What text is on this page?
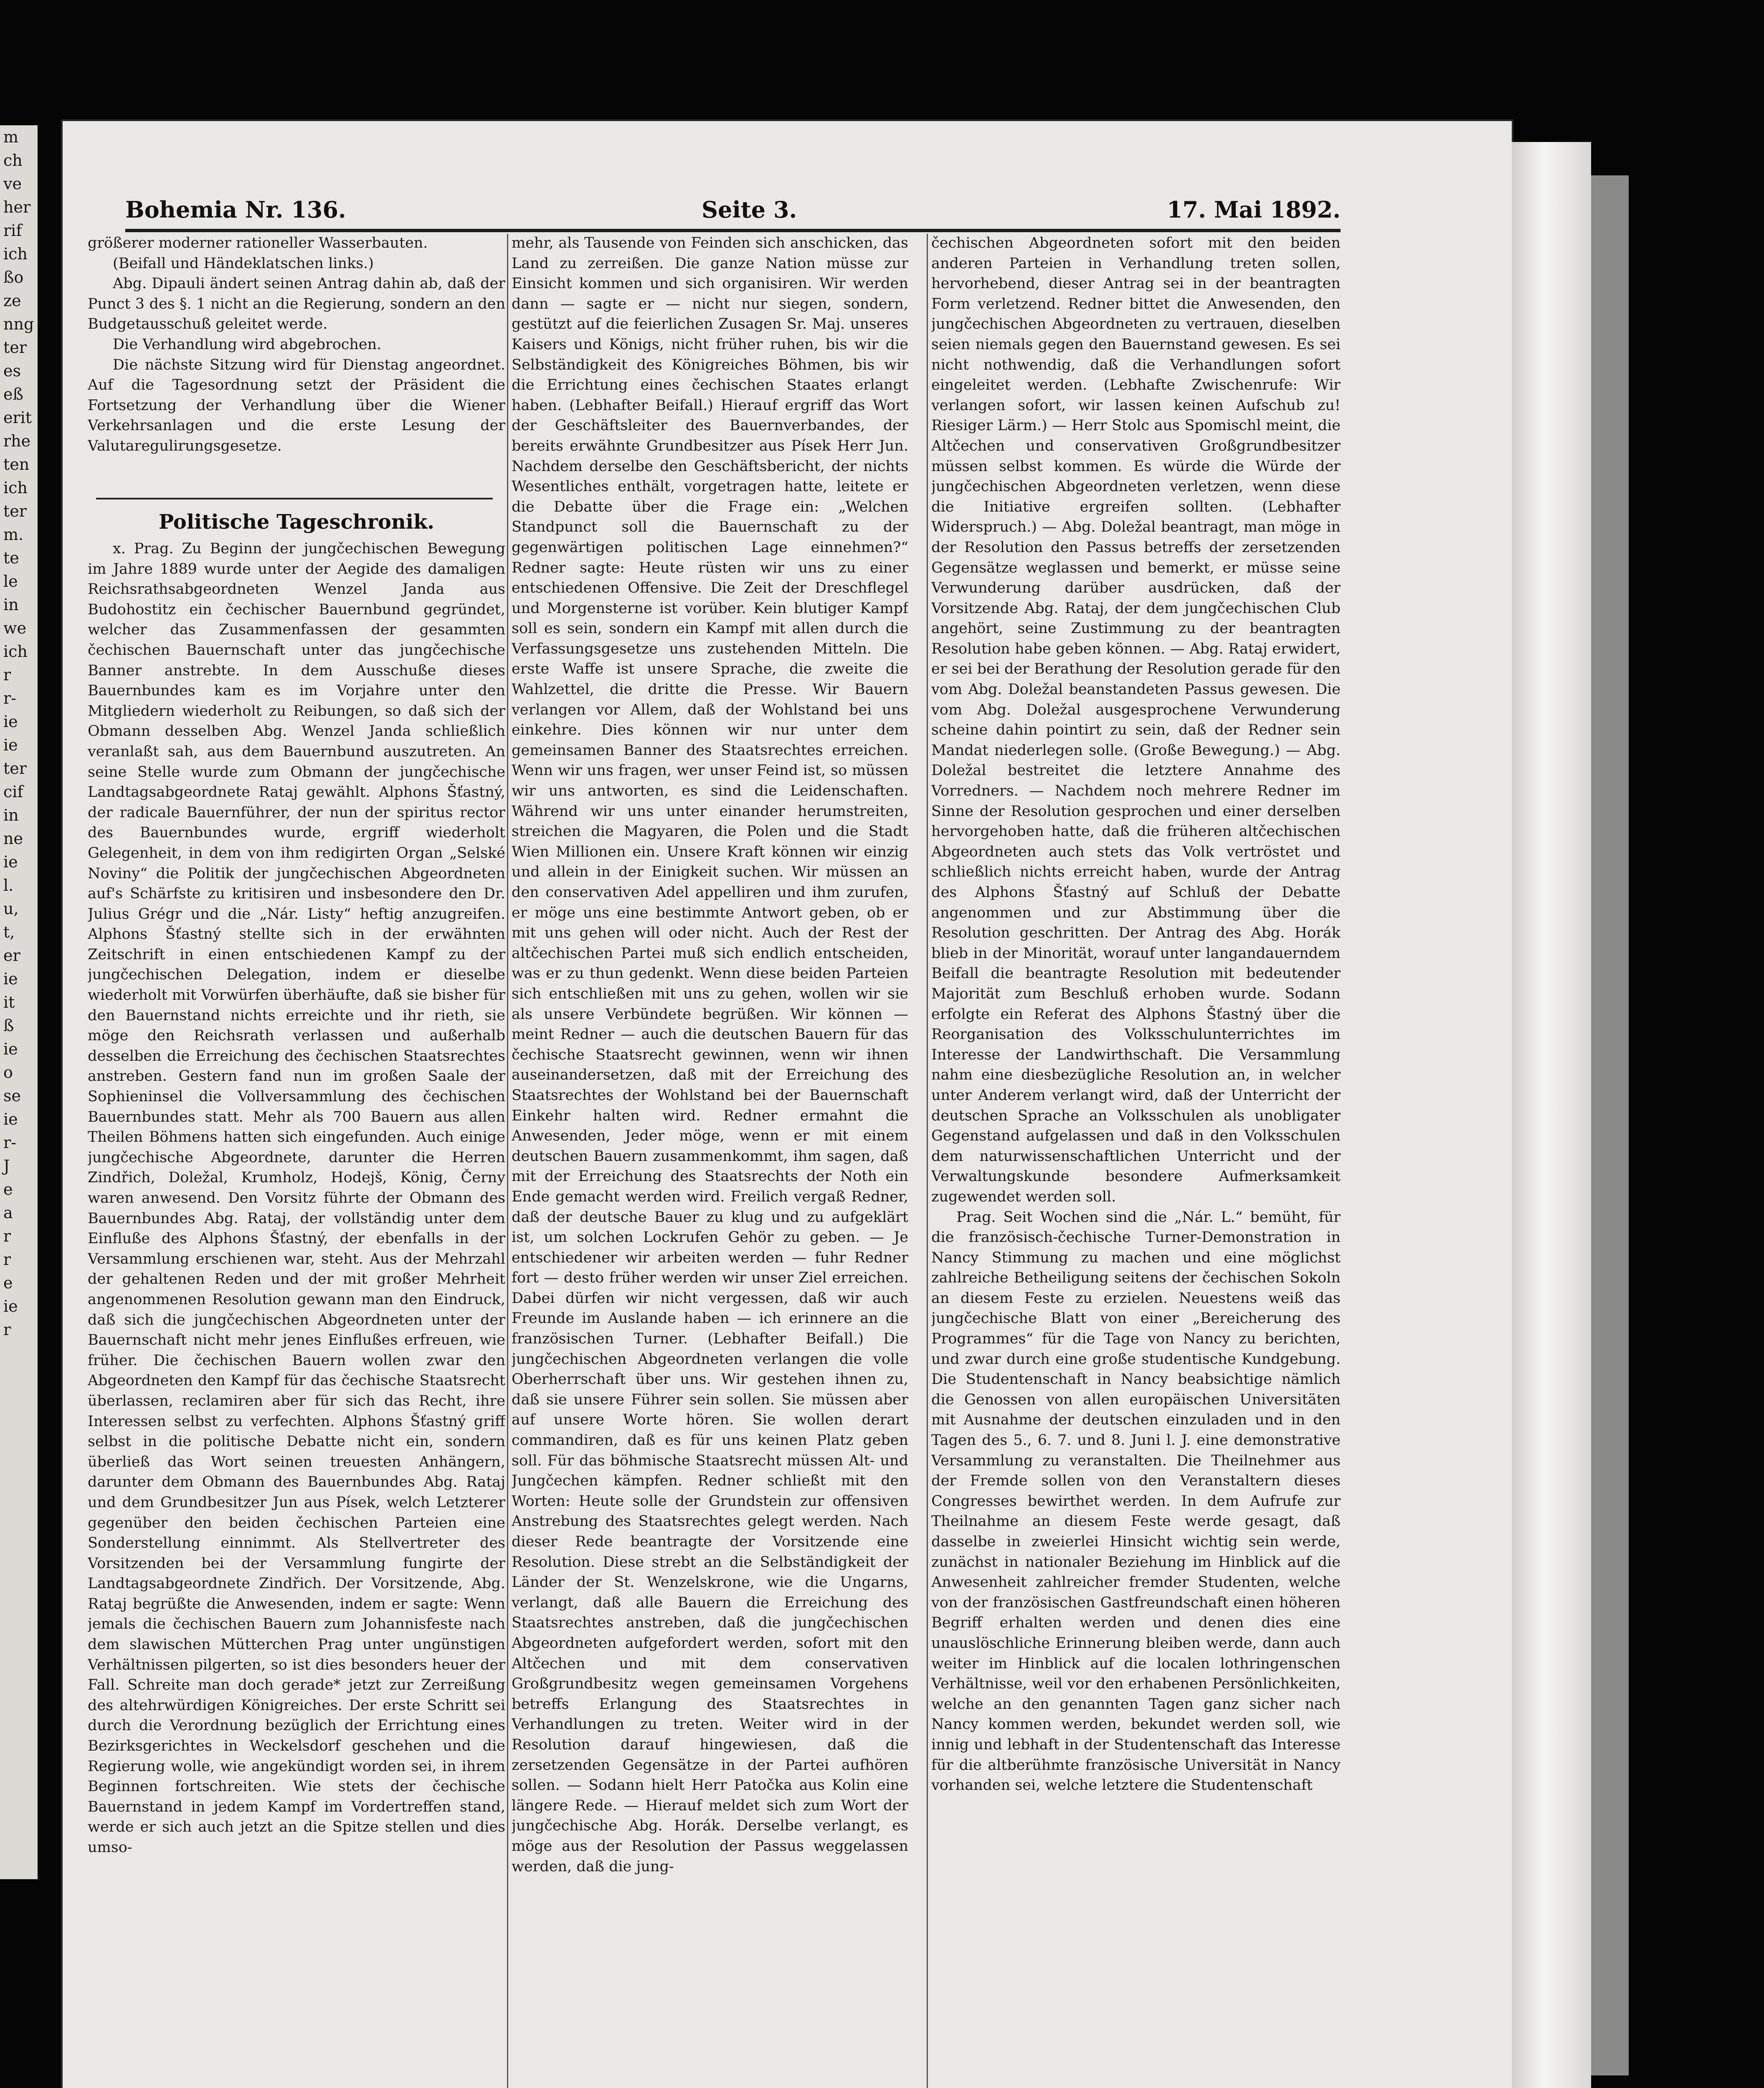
m
ch
ve
her
rif
ich
ßo
ze
nng
ter
es
eß
erit
rhe
ten
ich
ter
m.
te
le
in
we
ich
r
r-
ie
ie
ter
cif
in
ne
ie
l.
u,
t,
er
ie
it
ß
ie
o
se
ie
r-
J
e
a
r
r
e
ie
r
Bohemia Nr. 136.	Seite 3.	17. Mai 1892.

größerer moderner rationeller Wasserbauten.

(Beifall und Händeklatschen links.)

Abg. Dipauli ändert seinen Antrag dahin ab, daß der Punct 3 des §. 1 nicht an die Regierung, sondern an den Budgetausschuß geleitet werde.

Die Verhandlung wird abgebrochen.

Die nächste Sitzung wird für Dienstag angeordnet. Auf die Tagesordnung setzt der Präsident die Fortsetzung der Verhandlung über die Wiener Verkehrsanlagen und die erste Lesung der Valutaregulirungsgesetze.

Politische Tageschronik.

x. Prag. Zu Beginn der jungčechischen Bewegung im Jahre 1889 wurde unter der Aegide des damaligen Reichsrathsabgeordneten Wenzel Janda aus Budohostitz ein čechischer Bauernbund gegründet, welcher das Zusammenfassen der gesammten čechischen Bauernschaft unter das jungčechische Banner anstrebte. In dem Ausschuße dieses Bauernbundes kam es im Vorjahre unter den Mitgliedern wiederholt zu Reibungen, so daß sich der Obmann desselben Abg. Wenzel Janda schließlich veranlaßt sah, aus dem Bauernbund auszutreten. An seine Stelle wurde zum Obmann der jungčechische Landtagsabgeordnete Rataj gewählt. Alphons Šťastný, der radicale Bauernführer, der nun der spiritus rector des Bauernbundes wurde, ergriff wiederholt Gelegenheit, in dem von ihm redigirten Organ „Selské Noviny“ die Politik der jungčechischen Abgeordneten auf's Schärfste zu kritisiren und insbesondere den Dr. Julius Grégr und die „Nár. Listy“ heftig anzugreifen. Alphons Šťastný stellte sich in der erwähnten Zeitschrift in einen entschiedenen Kampf zu der jungčechischen Delegation, indem er dieselbe wiederholt mit Vorwürfen überhäufte, daß sie bisher für den Bauernstand nichts erreichte und ihr rieth, sie möge den Reichsrath verlassen und außerhalb desselben die Erreichung des čechischen Staatsrechtes anstreben. Gestern fand nun im großen Saale der Sophieninsel die Vollversammlung des čechischen Bauernbundes statt. Mehr als 700 Bauern aus allen Theilen Böhmens hatten sich eingefunden. Auch einige jungčechische Abgeordnete, darunter die Herren Zindřich, Doležal, Krumholz, Hodejš, König, Černy waren anwesend. Den Vorsitz führte der Obmann des Bauernbundes Abg. Rataj, der vollständig unter dem Einfluße des Alphons Šťastný, der ebenfalls in der Versammlung erschienen war, steht. Aus der Mehrzahl der gehaltenen Reden und der mit großer Mehrheit angenommenen Resolution gewann man den Eindruck, daß sich die jungčechischen Abgeordneten unter der Bauernschaft nicht mehr jenes Einflußes erfreuen, wie früher. Die čechischen Bauern wollen zwar den Abgeordneten den Kampf für das čechische Staatsrecht überlassen, reclamiren aber für sich das Recht, ihre Interessen selbst zu verfechten. Alphons Šťastný griff selbst in die politische Debatte nicht ein, sondern überließ das Wort seinen treuesten Anhängern, darunter dem Obmann des Bauernbundes Abg. Rataj und dem Grundbesitzer Jun aus Písek, welch Letzterer gegenüber den beiden čechischen Parteien eine Sonderstellung einnimmt. Als Stellvertreter des Vorsitzenden bei der Versammlung fungirte der Landtagsabgeordnete Zindřich. Der Vorsitzende, Abg. Rataj begrüßte die Anwesenden, indem er sagte: Wenn jemals die čechischen Bauern zum Johannisfeste nach dem slawischen Mütterchen Prag unter ungünstigen Verhältnissen pilgerten, so ist dies besonders heuer der Fall. Schreite man doch gerade* jetzt zur Zerreißung des altehrwürdigen Königreiches. Der erste Schritt sei durch die Verordnung bezüglich der Errichtung eines Bezirksgerichtes in Weckelsdorf geschehen und die Regierung wolle, wie angekündigt worden sei, in ihrem Beginnen fortschreiten. Wie stets der čechische Bauernstand in jedem Kampf im Vordertreffen stand, werde er sich auch jetzt an die Spitze stellen und dies umso-

mehr, als Tausende von Feinden sich anschicken, das Land zu zerreißen. Die ganze Nation müsse zur Einsicht kommen und sich organisiren. Wir werden dann — sagte er — nicht nur siegen, sondern, gestützt auf die feierlichen Zusagen Sr. Maj. unseres Kaisers und Königs, nicht früher ruhen, bis wir die Selbständigkeit des Königreiches Böhmen, bis wir die Errichtung eines čechischen Staates erlangt haben. (Lebhafter Beifall.) Hierauf ergriff das Wort der Geschäftsleiter des Bauernverbandes, der bereits erwähnte Grundbesitzer aus Písek Herr Jun. Nachdem derselbe den Geschäftsbericht, der nichts Wesentliches enthält, vorgetragen hatte, leitete er die Debatte über die Frage ein: „Welchen Standpunct soll die Bauernschaft zu der gegenwärtigen politischen Lage einnehmen?“ Redner sagte: Heute rüsten wir uns zu einer entschiedenen Offensive. Die Zeit der Dreschflegel und Morgensterne ist vorüber. Kein blutiger Kampf soll es sein, sondern ein Kampf mit allen durch die Verfassungsgesetze uns zustehenden Mitteln. Die erste Waffe ist unsere Sprache, die zweite die Wahlzettel, die dritte die Presse. Wir Bauern verlangen vor Allem, daß der Wohlstand bei uns einkehre. Dies können wir nur unter dem gemeinsamen Banner des Staatsrechtes erreichen. Wenn wir uns fragen, wer unser Feind ist, so müssen wir uns antworten, es sind die Leidenschaften. Während wir uns unter einander herumstreiten, streichen die Magyaren, die Polen und die Stadt Wien Millionen ein. Unsere Kraft können wir einzig und allein in der Einigkeit suchen. Wir müssen an den conservativen Adel appelliren und ihm zurufen, er möge uns eine bestimmte Antwort geben, ob er mit uns gehen will oder nicht. Auch der Rest der altčechischen Partei muß sich endlich entscheiden, was er zu thun gedenkt. Wenn diese beiden Parteien sich entschließen mit uns zu gehen, wollen wir sie als unsere Verbündete begrüßen. Wir können — meint Redner — auch die deutschen Bauern für das čechische Staatsrecht gewinnen, wenn wir ihnen auseinandersetzen, daß mit der Erreichung des Staatsrechtes der Wohlstand bei der Bauernschaft Einkehr halten wird. Redner ermahnt die Anwesenden, Jeder möge, wenn er mit einem deutschen Bauern zusammenkommt, ihm sagen, daß mit der Erreichung des Staatsrechts der Noth ein Ende gemacht werden wird. Freilich vergaß Redner, daß der deutsche Bauer zu klug und zu aufgeklärt ist, um solchen Lockrufen Gehör zu geben. — Je entschiedener wir arbeiten werden — fuhr Redner fort — desto früher werden wir unser Ziel erreichen. Dabei dürfen wir nicht vergessen, daß wir auch Freunde im Auslande haben — ich erinnere an die französischen Turner. (Lebhafter Beifall.) Die jungčechischen Abgeordneten verlangen die volle Oberherrschaft über uns. Wir gestehen ihnen zu, daß sie unsere Führer sein sollen. Sie müssen aber auf unsere Worte hören. Sie wollen derart commandiren, daß es für uns keinen Platz geben soll. Für das böhmische Staatsrecht müssen Alt- und Jungčechen kämpfen. Redner schließt mit den Worten: Heute solle der Grundstein zur offensiven Anstrebung des Staatsrechtes gelegt werden. Nach dieser Rede beantragte der Vorsitzende eine Resolution. Diese strebt an die Selbständigkeit der Länder der St. Wenzelskrone, wie die Ungarns, verlangt, daß alle Bauern die Erreichung des Staatsrechtes anstreben, daß die jungčechischen Abgeordneten aufgefordert werden, sofort mit den Altčechen und mit dem conservativen Großgrundbesitz wegen gemeinsamen Vorgehens betreffs Erlangung des Staatsrechtes in Verhandlungen zu treten. Weiter wird in der Resolution darauf hingewiesen, daß die zersetzenden Gegensätze in der Partei aufhören sollen. — Sodann hielt Herr Patočka aus Kolin eine längere Rede. — Hierauf meldet sich zum Wort der jungčechische Abg. Horák. Derselbe verlangt, es möge aus der Resolution der Passus weggelassen werden, daß die jung-

čechischen Abgeordneten sofort mit den beiden anderen Parteien in Verhandlung treten sollen, hervorhebend, dieser Antrag sei in der beantragten Form verletzend. Redner bittet die Anwesenden, den jungčechischen Abgeordneten zu vertrauen, dieselben seien niemals gegen den Bauernstand gewesen. Es sei nicht nothwendig, daß die Verhandlungen sofort eingeleitet werden. (Lebhafte Zwischenrufe: Wir verlangen sofort, wir lassen keinen Aufschub zu! Riesiger Lärm.) — Herr Stolc aus Spomischl meint, die Altčechen und conservativen Großgrundbesitzer müssen selbst kommen. Es würde die Würde der jungčechischen Abgeordneten verletzen, wenn diese die Initiative ergreifen sollten. (Lebhafter Widerspruch.) — Abg. Doležal beantragt, man möge in der Resolution den Passus betreffs der zersetzenden Gegensätze weglassen und bemerkt, er müsse seine Verwunderung darüber ausdrücken, daß der Vorsitzende Abg. Rataj, der dem jungčechischen Club angehört, seine Zustimmung zu der beantragten Resolution habe geben können. — Abg. Rataj erwidert, er sei bei der Berathung der Resolution gerade für den vom Abg. Doležal beanstandeten Passus gewesen. Die vom Abg. Doležal ausgesprochene Verwunderung scheine dahin pointirt zu sein, daß der Redner sein Mandat niederlegen solle. (Große Bewegung.) — Abg. Doležal bestreitet die letztere Annahme des Vorredners. — Nachdem noch mehrere Redner im Sinne der Resolution gesprochen und einer derselben hervorgehoben hatte, daß die früheren altčechischen Abgeordneten auch stets das Volk vertröstet und schließlich nichts erreicht haben, wurde der Antrag des Alphons Šťastný auf Schluß der Debatte angenommen und zur Abstimmung über die Resolution geschritten. Der Antrag des Abg. Horák blieb in der Minorität, worauf unter langandauerndem Beifall die beantragte Resolution mit bedeutender Majorität zum Beschluß erhoben wurde. Sodann erfolgte ein Referat des Alphons Šťastný über die Reorganisation des Volksschulunterrichtes im Interesse der Landwirthschaft. Die Versammlung nahm eine diesbezügliche Resolution an, in welcher unter Anderem verlangt wird, daß der Unterricht der deutschen Sprache an Volksschulen als unobligater Gegenstand aufgelassen und daß in den Volksschulen dem naturwissenschaftlichen Unterricht und der Verwaltungskunde besondere Aufmerksamkeit zugewendet werden soll.

Prag. Seit Wochen sind die „Nár. L.“ bemüht, für die französisch-čechische Turner-Demonstration in Nancy Stimmung zu machen und eine möglichst zahlreiche Betheiligung seitens der čechischen Sokoln an diesem Feste zu erzielen. Neuestens weiß das jungčechische Blatt von einer „Bereicherung des Programmes“ für die Tage von Nancy zu berichten, und zwar durch eine große studentische Kundgebung. Die Studentenschaft in Nancy beabsichtige nämlich die Genossen von allen europäischen Universitäten mit Ausnahme der deutschen einzuladen und in den Tagen des 5., 6. 7. und 8. Juni l. J. eine demonstrative Versammlung zu veranstalten. Die Theilnehmer aus der Fremde sollen von den Veranstaltern dieses Congresses bewirthet werden. In dem Aufrufe zur Theilnahme an diesem Feste werde gesagt, daß dasselbe in zweierlei Hinsicht wichtig sein werde, zunächst in nationaler Beziehung im Hinblick auf die Anwesenheit zahlreicher fremder Studenten, welche von der französischen Gastfreundschaft einen höheren Begriff erhalten werden und denen dies eine unauslöschliche Erinnerung bleiben werde, dann auch weiter im Hinblick auf die localen lothringenschen Verhältnisse, weil vor den erhabenen Persönlichkeiten, welche an den genannten Tagen ganz sicher nach Nancy kommen werden, bekundet werden soll, wie innig und lebhaft in der Studentenschaft das Interesse für die altberühmte französische Universität in Nancy vorhanden sei, welche letztere die Studentenschaft
